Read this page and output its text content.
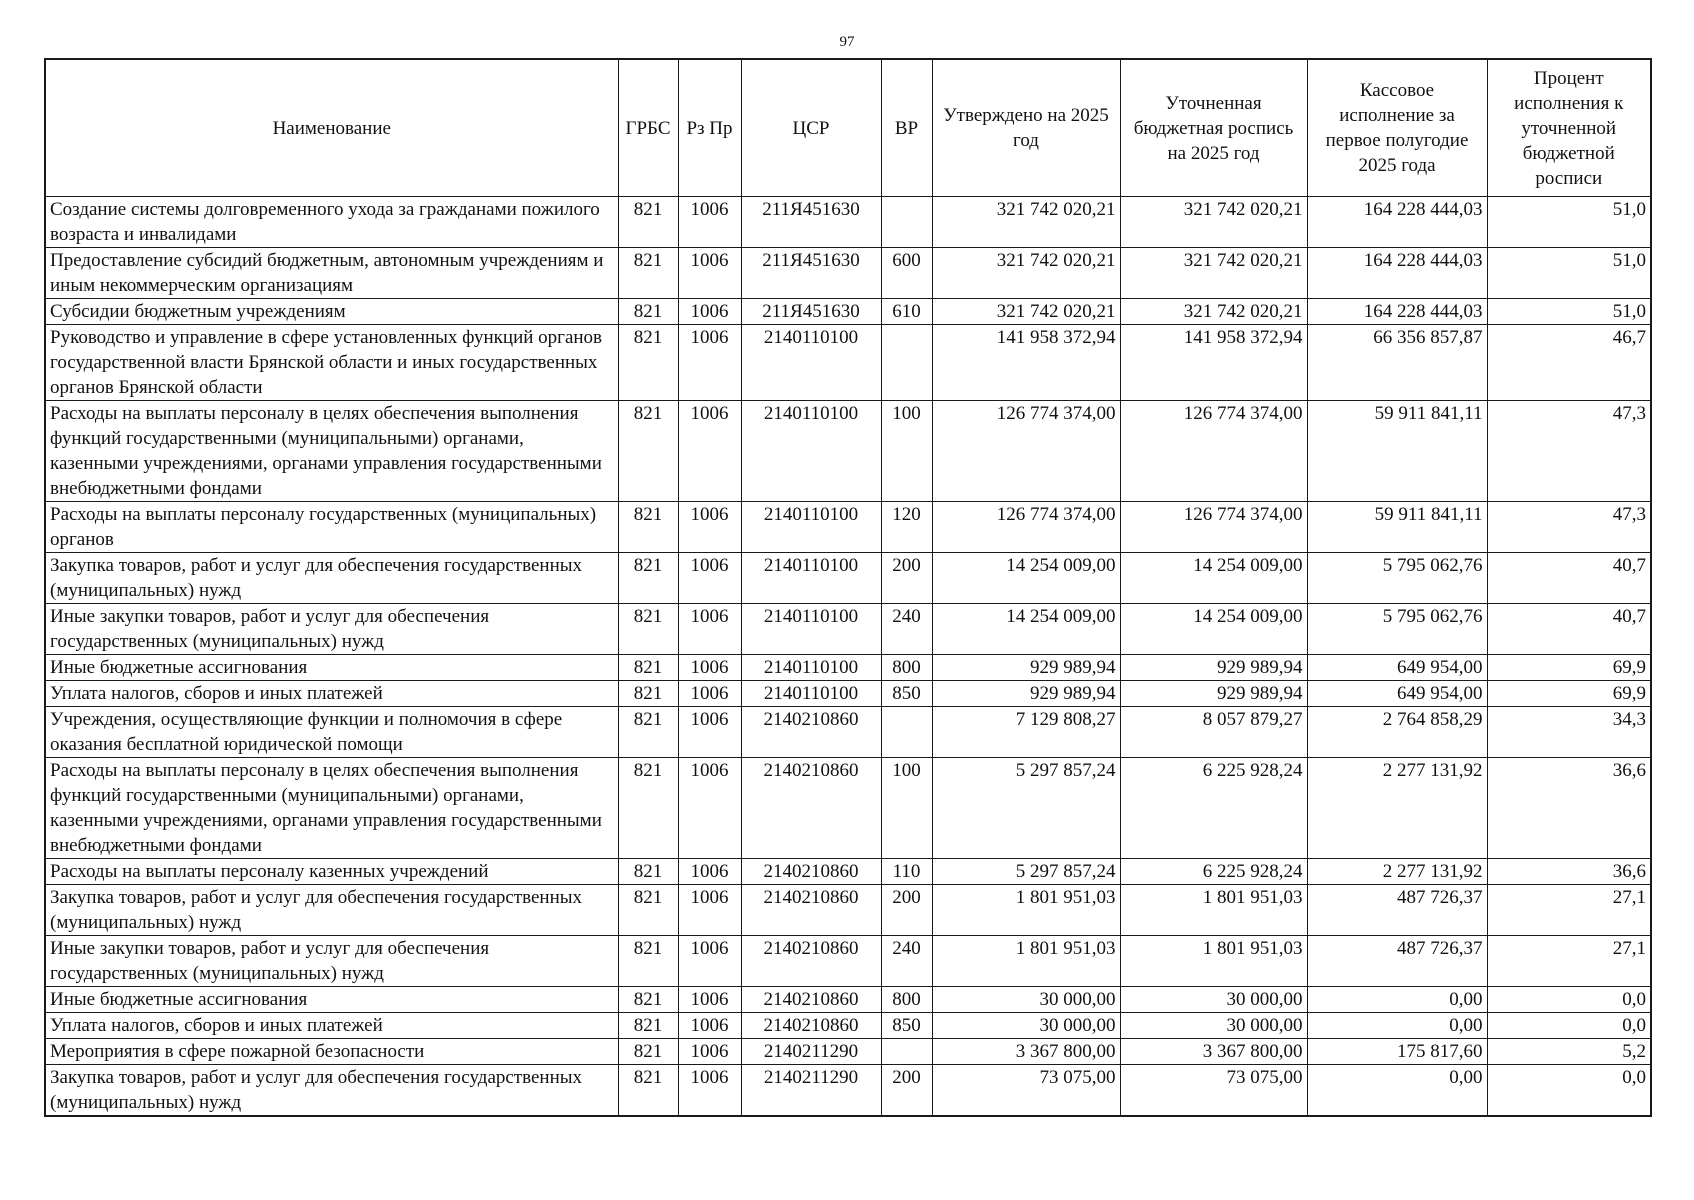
97
Наименование	ГРБС	Рз Пр	ЦСР	ВР	Утверждено на 2025 год	Уточненная бюджетная роспись на 2025 год	Кассовое исполнение за первое полугодие 2025 года	Процент исполнения к уточненной бюджетной росписи
Создание системы долговременного ухода за гражданами пожилого возраста и инвалидами	821	1006	211Я451630		321 742 020,21	321 742 020,21	164 228 444,03	51,0
Предоставление субсидий бюджетным, автономным учреждениям и иным некоммерческим организациям	821	1006	211Я451630	600	321 742 020,21	321 742 020,21	164 228 444,03	51,0
Субсидии бюджетным учреждениям	821	1006	211Я451630	610	321 742 020,21	321 742 020,21	164 228 444,03	51,0
Руководство и управление в сфере установленных функций органов государственной власти Брянской области и иных государственных органов Брянской области	821	1006	2140110100		141 958 372,94	141 958 372,94	66 356 857,87	46,7
Расходы на выплаты персоналу в целях обеспечения выполнения функций государственными (муниципальными) органами, казенными учреждениями, органами управления государственными внебюджетными фондами	821	1006	2140110100	100	126 774 374,00	126 774 374,00	59 911 841,11	47,3
Расходы на выплаты персоналу государственных (муниципальных) органов	821	1006	2140110100	120	126 774 374,00	126 774 374,00	59 911 841,11	47,3
Закупка товаров, работ и услуг для обеспечения государственных (муниципальных) нужд	821	1006	2140110100	200	14 254 009,00	14 254 009,00	5 795 062,76	40,7
Иные закупки товаров, работ и услуг для обеспечения государственных (муниципальных) нужд	821	1006	2140110100	240	14 254 009,00	14 254 009,00	5 795 062,76	40,7
Иные бюджетные ассигнования	821	1006	2140110100	800	929 989,94	929 989,94	649 954,00	69,9
Уплата налогов, сборов и иных платежей	821	1006	2140110100	850	929 989,94	929 989,94	649 954,00	69,9
Учреждения, осуществляющие функции и полномочия в сфере оказания бесплатной юридической помощи	821	1006	2140210860		7 129 808,27	8 057 879,27	2 764 858,29	34,3
Расходы на выплаты персоналу в целях обеспечения выполнения функций государственными (муниципальными) органами, казенными учреждениями, органами управления государственными внебюджетными фондами	821	1006	2140210860	100	5 297 857,24	6 225 928,24	2 277 131,92	36,6
Расходы на выплаты персоналу казенных учреждений	821	1006	2140210860	110	5 297 857,24	6 225 928,24	2 277 131,92	36,6
Закупка товаров, работ и услуг для обеспечения государственных (муниципальных) нужд	821	1006	2140210860	200	1 801 951,03	1 801 951,03	487 726,37	27,1
Иные закупки товаров, работ и услуг для обеспечения государственных (муниципальных) нужд	821	1006	2140210860	240	1 801 951,03	1 801 951,03	487 726,37	27,1
Иные бюджетные ассигнования	821	1006	2140210860	800	30 000,00	30 000,00	0,00	0,0
Уплата налогов, сборов и иных платежей	821	1006	2140210860	850	30 000,00	30 000,00	0,00	0,0
Мероприятия в сфере пожарной безопасности	821	1006	2140211290		3 367 800,00	3 367 800,00	175 817,60	5,2
Закупка товаров, работ и услуг для обеспечения государственных (муниципальных) нужд	821	1006	2140211290	200	73 075,00	73 075,00	0,00	0,0
